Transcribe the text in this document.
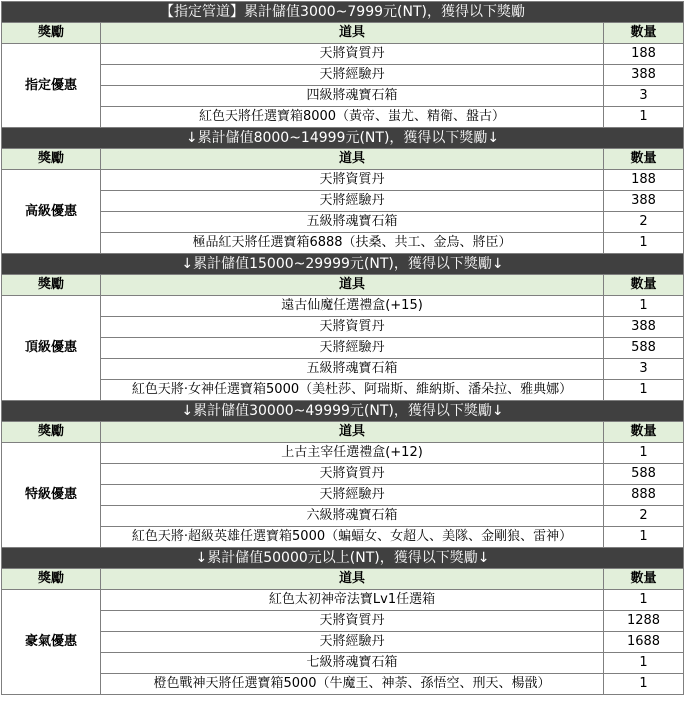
【指定管道】累計儲值3000~7999元(NT)，獲得以下獎勵		
獎勵	道具	數量
指定優惠	天將資質丹	188
	天將經驗丹	388
	四級將魂寶石箱	3
	紅色天將任選寶箱8000（黃帝、蚩尤、精衛、盤古）	1
↓累計儲值8000~14999元(NT)，獲得以下獎勵↓		
獎勵	道具	數量
高級優惠	天將資質丹	188
	天將經驗丹	388
	五級將魂寶石箱	2
	極品紅天將任選寶箱6888（扶桑、共工、金烏、將臣）	1
↓累計儲值15000~29999元(NT)，獲得以下獎勵↓		
獎勵	道具	數量
頂級優惠	遠古仙魔任選禮盒(+15)	1
	天將資質丹	388
	天將經驗丹	588
	五級將魂寶石箱	3
	紅色天將·女神任選寶箱5000（美杜莎、阿瑞斯、維納斯、潘朵拉、雅典娜）	1
↓累計儲值30000~49999元(NT)，獲得以下獎勵↓		
獎勵	道具	數量
特級優惠	上古主宰任選禮盒(+12)	1
	天將資質丹	588
	天將經驗丹	888
	六級將魂寶石箱	2
	紅色天將·超級英雄任選寶箱5000（蝙蝠女、女超人、美隊、金剛狼、雷神）	1
↓累計儲值50000元以上(NT)，獲得以下獎勵↓		
獎勵	道具	數量
豪氣優惠	紅色太初神帝法寶Lv1任選箱	1
	天將資質丹	1288
	天將經驗丹	1688
	七級將魂寶石箱	1
	橙色戰神天將任選寶箱5000（牛魔王、神荼、孫悟空、刑天、楊戩）	1
